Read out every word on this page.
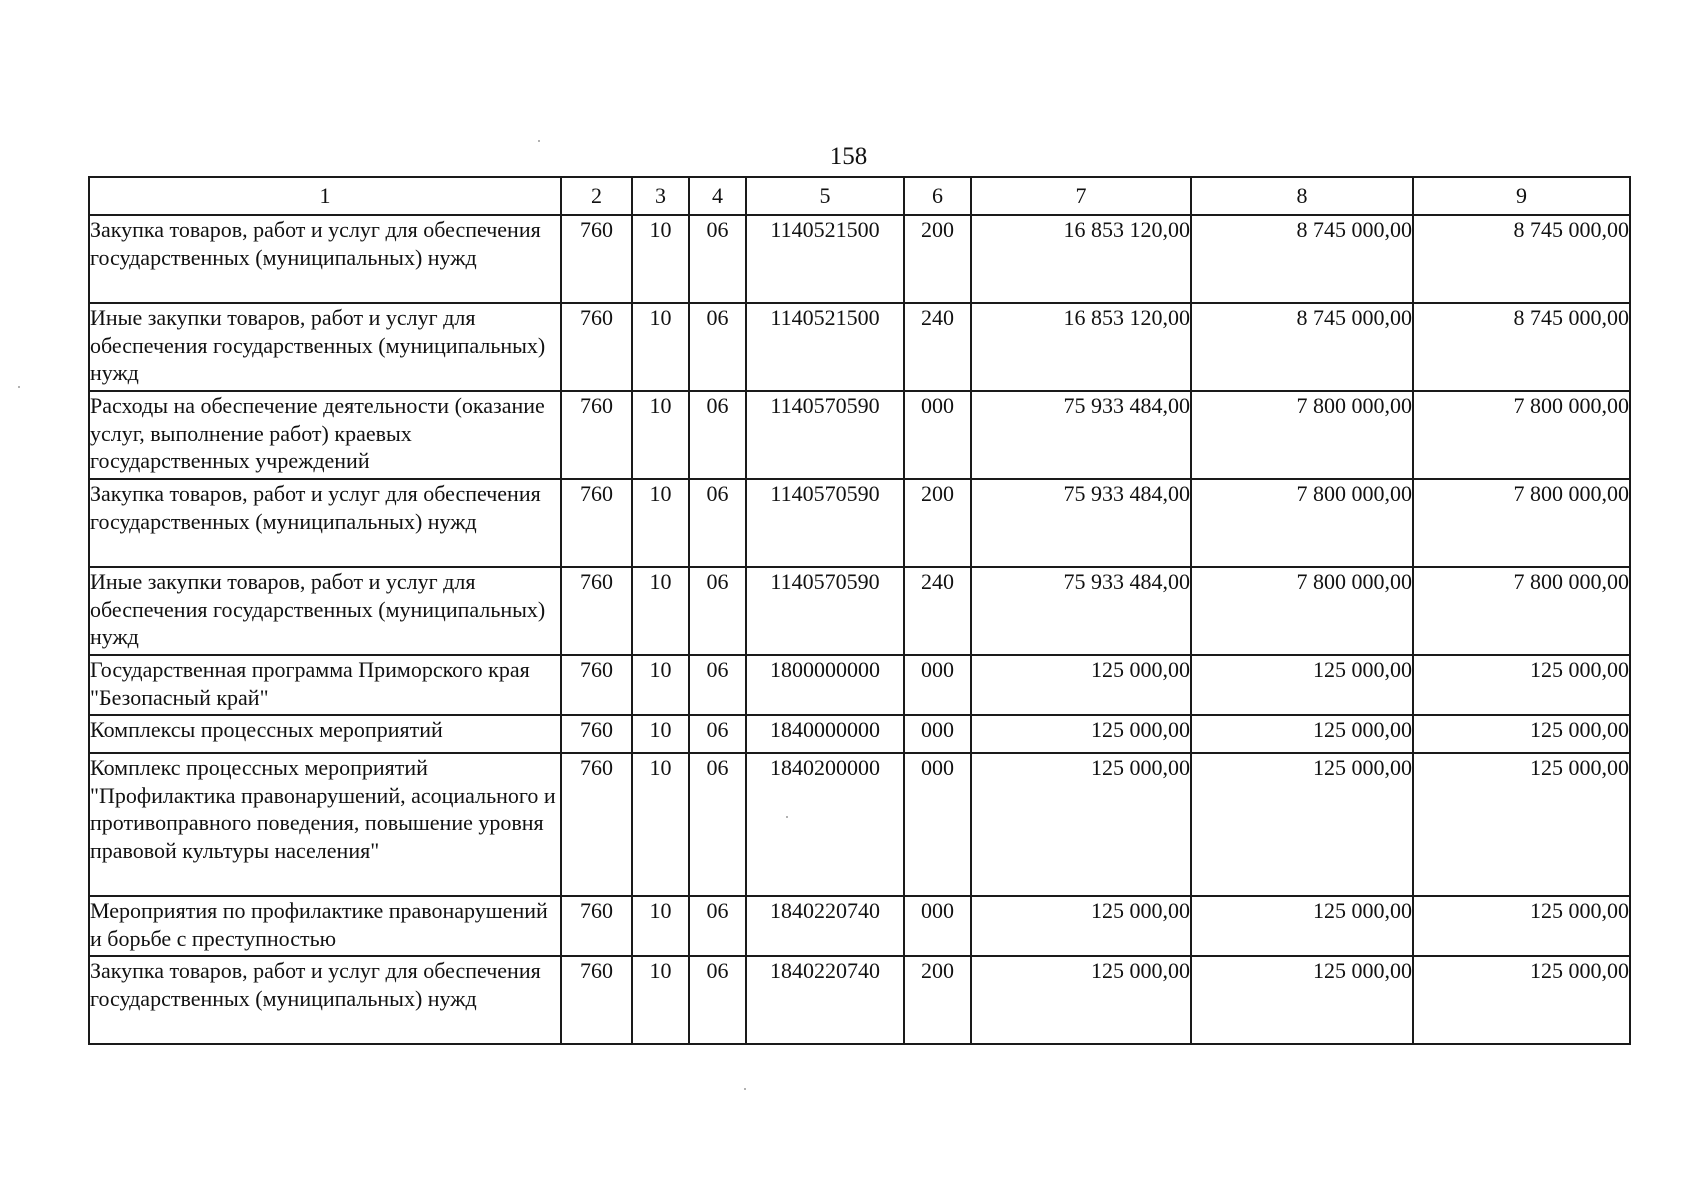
158
1	2	3	4	5	6	7	8	9
Закупка товаров, работ и услуг для обеспечения государственных (муниципальных) нужд	760	10	06	1140521500	200	16 853 120,00	8 745 000,00	8 745 000,00
Иные закупки товаров, работ и услуг для обеспечения государственных (муниципальных) нужд	760	10	06	1140521500	240	16 853 120,00	8 745 000,00	8 745 000,00
Расходы на обеспечение деятельности (оказание услуг, выполнение работ) краевых государственных учреждений	760	10	06	1140570590	000	75 933 484,00	7 800 000,00	7 800 000,00
Закупка товаров, работ и услуг для обеспечения государственных (муниципальных) нужд	760	10	06	1140570590	200	75 933 484,00	7 800 000,00	7 800 000,00
Иные закупки товаров, работ и услуг для обеспечения государственных (муниципальных) нужд	760	10	06	1140570590	240	75 933 484,00	7 800 000,00	7 800 000,00
Государственная программа Приморского края "Безопасный край"	760	10	06	1800000000	000	125 000,00	125 000,00	125 000,00
Комплексы процессных мероприятий	760	10	06	1840000000	000	125 000,00	125 000,00	125 000,00
Комплекс процессных мероприятий "Профилактика правонарушений, асоциального и противоправного поведения, повышение уровня правовой культуры населения"	760	10	06	1840200000	000	125 000,00	125 000,00	125 000,00
Мероприятия по профилактике правонарушений и борьбе с преступностью	760	10	06	1840220740	000	125 000,00	125 000,00	125 000,00
Закупка товаров, работ и услуг для обеспечения государственных (муниципальных) нужд	760	10	06	1840220740	200	125 000,00	125 000,00	125 000,00
